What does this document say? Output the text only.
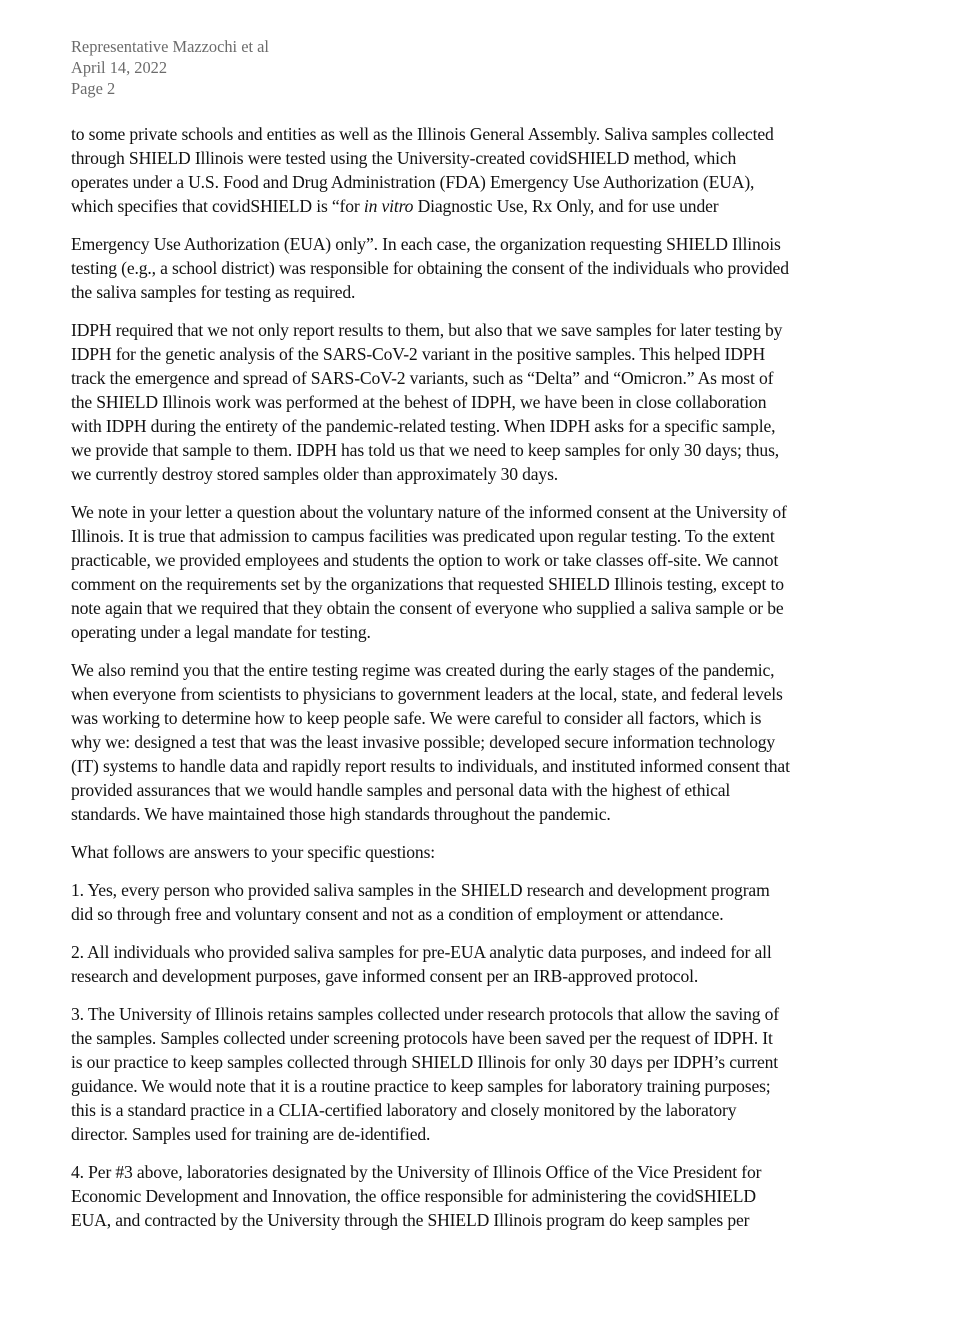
Representative Mazzochi et al
April 14, 2022
Page 2

to some private schools and entities as well as the Illinois General Assembly. Saliva samples collected
through SHIELD Illinois were tested using the University-created covidSHIELD method, which
operates under a U.S. Food and Drug Administration (FDA) Emergency Use Authorization (EUA),
which specifies that covidSHIELD is “for in vitro Diagnostic Use, Rx Only, and for use under

Emergency Use Authorization (EUA) only”. In each case, the organization requesting SHIELD Illinois
testing (e.g., a school district) was responsible for obtaining the consent of the individuals who provided
the saliva samples for testing as required.

IDPH required that we not only report results to them, but also that we save samples for later testing by
IDPH for the genetic analysis of the SARS-CoV-2 variant in the positive samples. This helped IDPH
track the emergence and spread of SARS-CoV-2 variants, such as “Delta” and “Omicron.” As most of
the SHIELD Illinois work was performed at the behest of IDPH, we have been in close collaboration
with IDPH during the entirety of the pandemic-related testing. When IDPH asks for a specific sample,
we provide that sample to them. IDPH has told us that we need to keep samples for only 30 days; thus,
we currently destroy stored samples older than approximately 30 days.

We note in your letter a question about the voluntary nature of the informed consent at the University of
Illinois. It is true that admission to campus facilities was predicated upon regular testing. To the extent
practicable, we provided employees and students the option to work or take classes off-site. We cannot
comment on the requirements set by the organizations that requested SHIELD Illinois testing, except to
note again that we required that they obtain the consent of everyone who supplied a saliva sample or be
operating under a legal mandate for testing.

We also remind you that the entire testing regime was created during the early stages of the pandemic,
when everyone from scientists to physicians to government leaders at the local, state, and federal levels
was working to determine how to keep people safe. We were careful to consider all factors, which is
why we: designed a test that was the least invasive possible; developed secure information technology
(IT) systems to handle data and rapidly report results to individuals, and instituted informed consent that
provided assurances that we would handle samples and personal data with the highest of ethical
standards. We have maintained those high standards throughout the pandemic.

What follows are answers to your specific questions:

1. Yes, every person who provided saliva samples in the SHIELD research and development program
did so through free and voluntary consent and not as a condition of employment or attendance.

2. All individuals who provided saliva samples for pre-EUA analytic data purposes, and indeed for all
research and development purposes, gave informed consent per an IRB-approved protocol.

3. The University of Illinois retains samples collected under research protocols that allow the saving of
the samples. Samples collected under screening protocols have been saved per the request of IDPH. It
is our practice to keep samples collected through SHIELD Illinois for only 30 days per IDPH’s current
guidance. We would note that it is a routine practice to keep samples for laboratory training purposes;
this is a standard practice in a CLIA-certified laboratory and closely monitored by the laboratory
director. Samples used for training are de-identified.

4. Per #3 above, laboratories designated by the University of Illinois Office of the Vice President for
Economic Development and Innovation, the office responsible for administering the covidSHIELD
EUA, and contracted by the University through the SHIELD Illinois program do keep samples per
